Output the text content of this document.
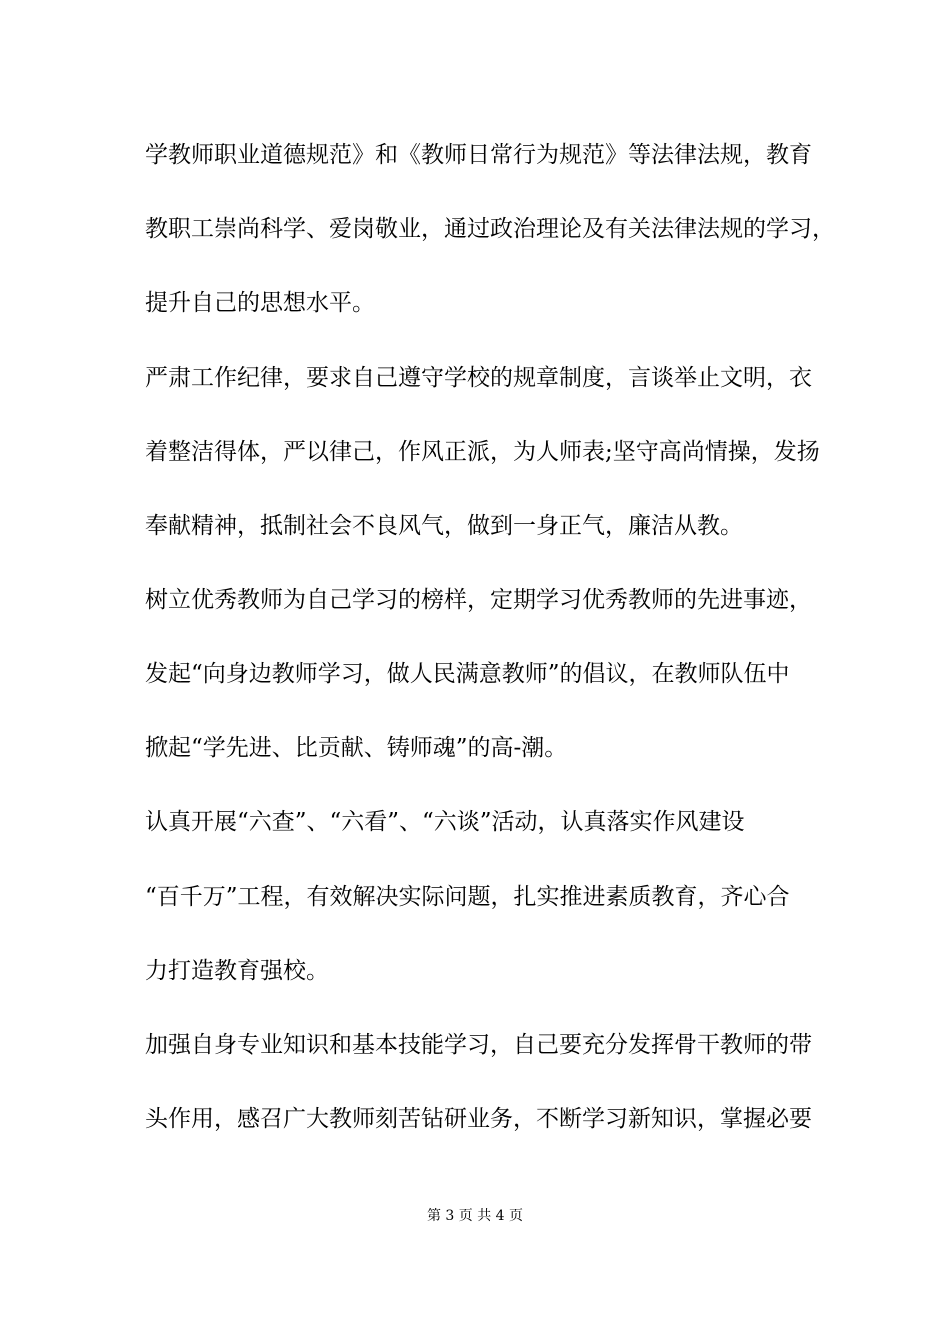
学教师职业道德规范》和《教师日常行为规范》等法律法规，教育
教职工崇尚科学、爱岗敬业，通过政治理论及有关法律法规的学习，
提升自己的思想水平。
严肃工作纪律，要求自己遵守学校的规章制度，言谈举止文明，衣
着整洁得体，严以律己，作风正派，为人师表;坚守高尚情操，发扬
奉献精神，抵制社会不良风气，做到一身正气，廉洁从教。
树立优秀教师为自己学习的榜样，定期学习优秀教师的先进事迹，
发起“向身边教师学习，做人民满意教师”的倡议，在教师队伍中
掀起“学先进、比贡献、铸师魂”的高-潮。
认真开展“六查”、“六看”、“六谈”活动，认真落实作风建设
“百千万”工程，有效解决实际问题，扎实推进素质教育，齐心合
力打造教育强校。
加强自身专业知识和基本技能学习，自己要充分发挥骨干教师的带
头作用，感召广大教师刻苦钻研业务，不断学习新知识，掌握必要
第 3 页 共 4 页
